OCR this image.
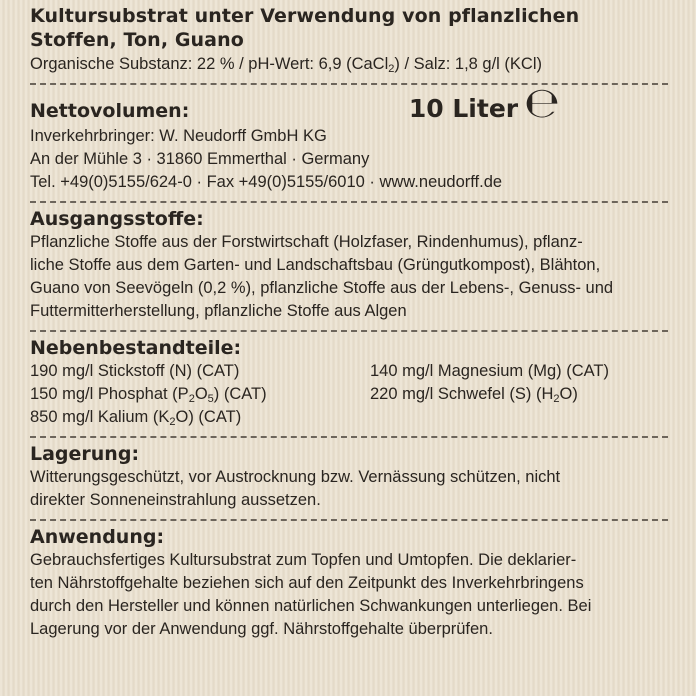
Kultursubstrat unter Verwendung von pflanzlichen
Stoffen, Ton, Guano
Organische Substanz: 22 % / pH-Wert: 6,9 (CaCl$_2$) / Salz: 1,8 g/l (KCl)
Nettovolumen:	10 Liter ℮
Inverkehrbringer: W. Neudorff GmbH KG
An der Mühle 3 · 31860 Emmerthal · Germany
Tel. +49(0)5155/624-0 · Fax +49(0)5155/6010 · www.neudorff.de
Ausgangsstoffe:
Pflanzliche Stoffe aus der Forstwirtschaft (Holzfaser, Rindenhumus), pflanz-
liche Stoffe aus dem Garten- und Landschaftsbau (Grüngutkompost), Blähton,
Guano von Seevögeln (0,2 %), pflanzliche Stoffe aus der Lebens-, Genuss- und
Futtermitterherstellung, pflanzliche Stoffe aus Algen
Nebenbestandteile:
190 mg/l Stickstoff (N) (CAT)	140 mg/l Magnesium (Mg) (CAT)
150 mg/l Phosphat $(P_2O_5)$ (CAT)	220 mg/l Schwefel (S) $(H_2O)$
850 mg/l Kalium $(K_2O)$ (CAT)
Lagerung:
Witterungsgeschützt, vor Austrocknung bzw. Vernässung schützen, nicht
direkter Sonneneinstrahlung aussetzen.
Anwendung:
Gebrauchsfertiges Kultursubstrat zum Topfen und Umtopfen. Die deklarier-
ten Nährstoffgehalte beziehen sich auf den Zeitpunkt des Inverkehrbringens
durch den Hersteller und können natürlichen Schwankungen unterliegen. Bei
Lagerung vor der Anwendung ggf. Nährstoffgehalte überprüfen.
